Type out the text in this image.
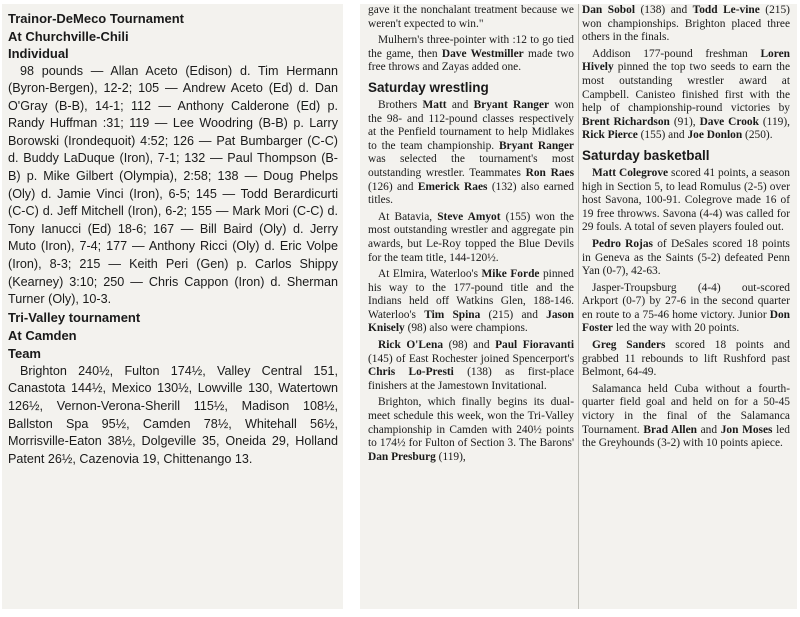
Trainor-DeMeco Tournament

At Churchville-Chili

Individual

98 pounds — Allan Aceto (Edison) d. Tim Hermann (Byron-Bergen), 12-2; 105 — Andrew Aceto (Ed) d. Dan O'Gray (B-B), 14-1; 112 — Anthony Calderone (Ed) p. Randy Huffman :31; 119 — Lee Woodring (B-B) p. Larry Borowski (Irondequoit) 4:52; 126 — Pat Bumbarger (C-C) d. Buddy LaDuque (Iron), 7-1; 132 — Paul Thompson (B-B) p. Mike Gilbert (Olympia), 2:58; 138 — Doug Phelps (Oly) d. Jamie Vinci (Iron), 6-5; 145 — Todd Berardicurti (C-C) d. Jeff Mitchell (Iron), 6-2; 155 — Mark Mori (C-C) d. Tony Ianucci (Ed) 18-6; 167 — Bill Baird (Oly) d. Jerry Muto (Iron), 7-4; 177 — Anthony Ricci (Oly) d. Eric Volpe (Iron), 8-3; 215 — Keith Peri (Gen) p. Carlos Shippy (Kearney) 3:10; 250 — Chris Cappon (Iron) d. Sherman Turner (Oly), 10-3.

Tri-Valley tournament

At Camden

Team

Brighton 240½, Fulton 174½, Valley Central 151, Canastota 144½, Mexico 130½, Lowville 130, Watertown 126½, Vernon-Verona-Sherill 115½, Madison 108½, Ballston Spa 95½, Camden 78½, Whitehall 56½, Morrisville-Eaton 38½, Dolgeville 35, Oneida 29, Holland Patent 26½, Cazenovia 19, Chittenango 13.

gave it the nonchalant treatment because we weren't expected to win."

Mulhern's three-pointer with :12 to go tied the game, then Dave Westmiller made two free throws and Zayas added one.

Saturday wrestling

Brothers Matt and Bryant Ranger won the 98- and 112-pound classes respectively at the Penfield tournament to help Midlakes to the team championship. Bryant Ranger was selected the tournament's most outstanding wrestler. Teammates Ron Raes (126) and Emerick Raes (132) also earned titles.

At Batavia, Steve Amyot (155) won the most outstanding wrestler and aggregate pin awards, but Le-Roy topped the Blue Devils for the team title, 144-120½.

At Elmira, Waterloo's Mike Forde pinned his way to the 177-pound title and the Indians held off Watkins Glen, 188-146. Waterloo's Tim Spina (215) and Jason Knisely (98) also were champions.

Rick O'Lena (98) and Paul Fioravanti (145) of East Rochester joined Spencerport's Chris Lo-Presti (138) as first-place finishers at the Jamestown Invitational.

Brighton, which finally begins its dual-meet schedule this week, won the Tri-Valley championship in Camden with 240½ points to 174½ for Fulton of Section 3. The Barons' Dan Presburg (119),

Dan Sobol (138) and Todd Le-vine (215) won championships. Brighton placed three others in the finals.

Addison 177-pound freshman Loren Hively pinned the top two seeds to earn the most outstanding wrestler award at Campbell. Canisteo finished first with the help of championship-round victories by Brent Richardson (91), Dave Crook (119), Rick Pierce (155) and Joe Donlon (250).

Saturday basketball

Matt Colegrove scored 41 points, a season high in Section 5, to lead Romulus (2-5) over host Savona, 100-91. Colegrove made 16 of 19 free throwws. Savona (4-4) was called for 29 fouls. A total of seven players fouled out.

Pedro Rojas of DeSales scored 18 points in Geneva as the Saints (5-2) defeated Penn Yan (0-7), 42-63.

Jasper-Troupsburg (4-4) out-scored Arkport (0-7) by 27-6 in the second quarter en route to a 75-46 home victory. Junior Don Foster led the way with 20 points.

Greg Sanders scored 18 points and grabbed 11 rebounds to lift Rushford past Belmont, 64-49.

Salamanca held Cuba without a fourth-quarter field goal and held on for a 50-45 victory in the final of the Salamanca Tournament. Brad Allen and Jon Moses led the Greyhounds (3-2) with 10 points apiece.
